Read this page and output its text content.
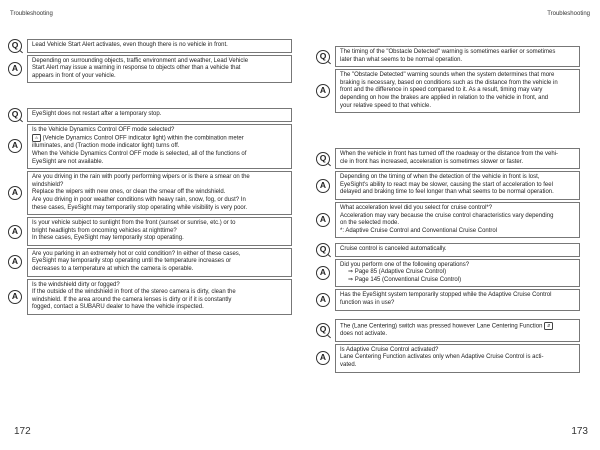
Troubleshooting
Q	Lead Vehicle Start Alert activates, even though there is no vehicle in front.
A
Depending on surrounding objects, traffic environment and weather, Lead Vehicle
Start Alert may issue a warning in response to objects other than a vehicle that
appears in front of your vehicle.
Q	EyeSight does not restart after a temporary stop.
A
Is the Vehicle Dynamics Control OFF mode selected?
⚠ (Vehicle Dynamics Control OFF indicator light) within the combination meter
illuminates, and (Traction mode indicator light) turns off.
When the Vehicle Dynamics Control OFF mode is selected, all of the functions of
EyeSight are not available.
A
Are you driving in the rain with poorly performing wipers or is there a smear on the
windshield?
Replace the wipers with new ones, or clean the smear off the windshield.
Are you driving in poor weather conditions with heavy rain, snow, fog, or dust? In
these cases, EyeSight may temporarily stop operating while visibility is very poor.
A
Is your vehicle subject to sunlight from the front (sunset or sunrise, etc.) or to
bright headlights from oncoming vehicles at nighttime?
In these cases, EyeSight may temporarily stop operating.
A
Are you parking in an extremely hot or cold condition? In either of these cases,
EyeSight may temporarily stop operating until the temperature increases or
decreases to a temperature at which the camera is operable.
A
Is the windshield dirty or fogged?
If the outside of the windshield in front of the stereo camera is dirty, clean the
windshield. If the area around the camera lenses is dirty or if it is constantly
fogged, contact a SUBARU dealer to have the vehicle inspected.
172
Troubleshooting
Q	The timing of the "Obstacle Detected" warning is sometimes earlier or sometimes
later than what seems to be normal operation.
A
The "Obstacle Detected" warning sounds when the system determines that more
braking is necessary, based on conditions such as the distance from the vehicle in
front and the difference in speed compared to it. As a result, timing may vary
depending on how the brakes are applied in relation to the vehicle in front, and
your relative speed to that vehicle.
Q	When the vehicle in front has turned off the roadway or the distance from the vehi-
cle in front has increased, acceleration is sometimes slower or faster.
A
Depending on the timing of when the detection of the vehicle in front is lost,
EyeSight's ability to react may be slower, causing the start of acceleration to feel
delayed and braking time to feel longer than what seems to be normal operation.
A
What acceleration level did you select for cruise control*?
Acceleration may vary because the cruise control characteristics vary depending
on the selected mode.
*: Adaptive Cruise Control and Conventional Cruise Control
Q	Cruise control is canceled automatically.
A
Did you perform one of the following operations?
⇒ Page 85 (Adaptive Cruise Control)
⇒ Page 145 (Conventional Cruise Control)
A	Has the EyeSight system temporarily stopped while the Adaptive Cruise Control
function was in use?
Q	The (Lane Centering) switch was pressed however Lane Centering Function ⇵
does not activate.
A
Is Adaptive Cruise Control activated?
Lane Centering Function activates only when Adaptive Cruise Control is acti-
vated.
173
